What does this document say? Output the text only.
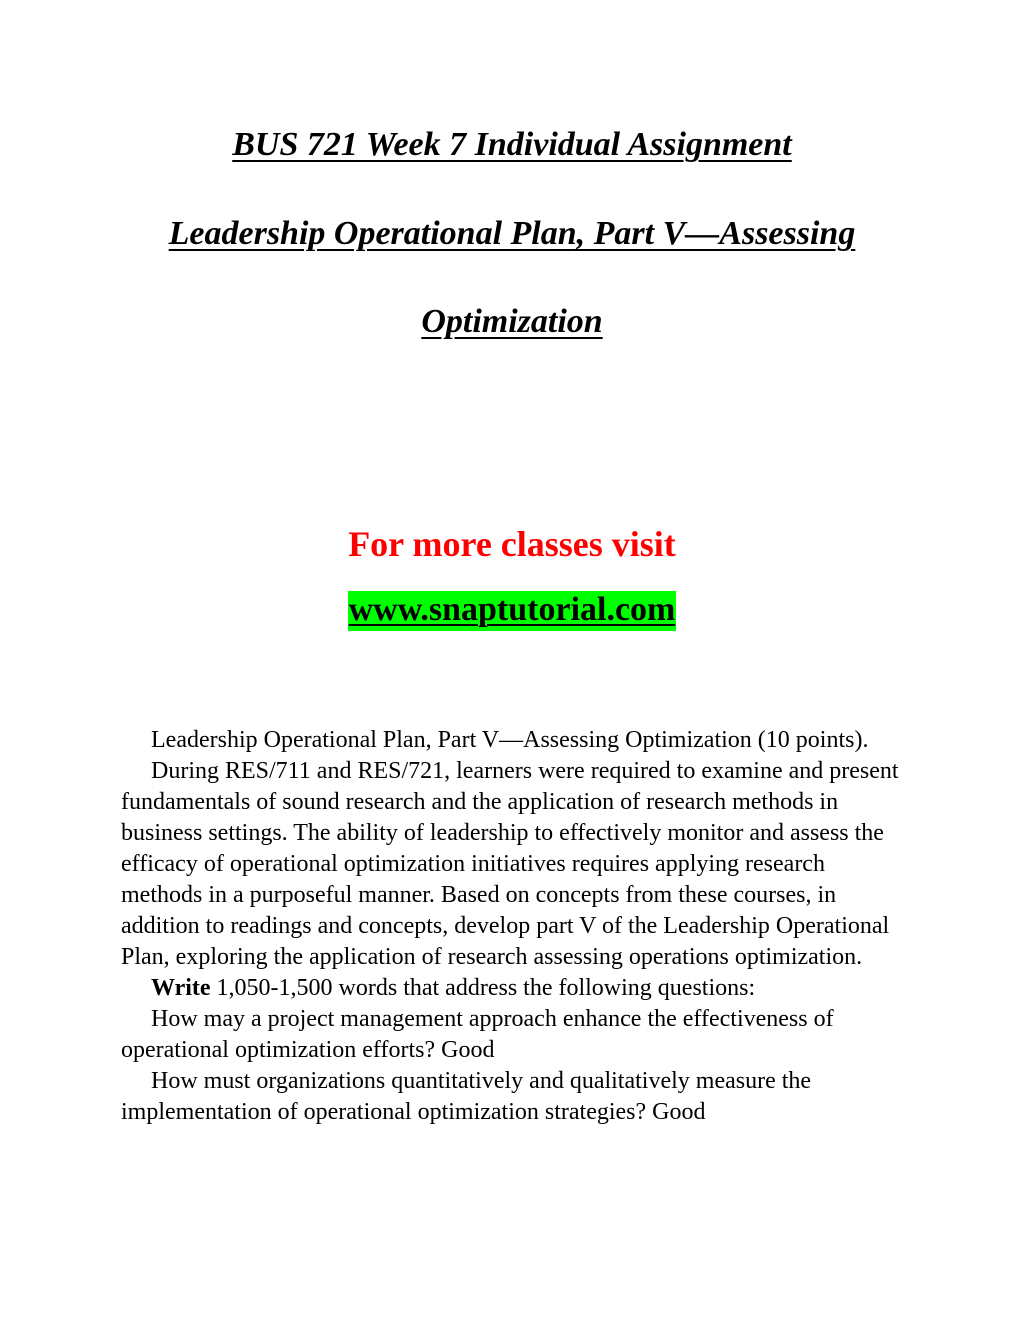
BUS 721 Week 7 Individual Assignment
Leadership Operational Plan, Part V—Assessing
Optimization
For more classes visit
www.snaptutorial.com

Leadership Operational Plan, Part V—Assessing Optimization (10 points).

During RES/711 and RES/721, learners were required to examine and present fundamentals of sound research and the application of research methods in business settings. The ability of leadership to effectively monitor and assess the efficacy of operational optimization initiatives requires applying research methods in a purposeful manner. Based on concepts from these courses, in addition to readings and concepts, develop part V of the Leadership Operational Plan, exploring the application of research assessing operations optimization.

Write 1,050-1,500 words that address the following questions:

How may a project management approach enhance the effectiveness of operational optimization efforts? Good

How must organizations quantitatively and qualitatively measure the implementation of operational optimization strategies? Good
